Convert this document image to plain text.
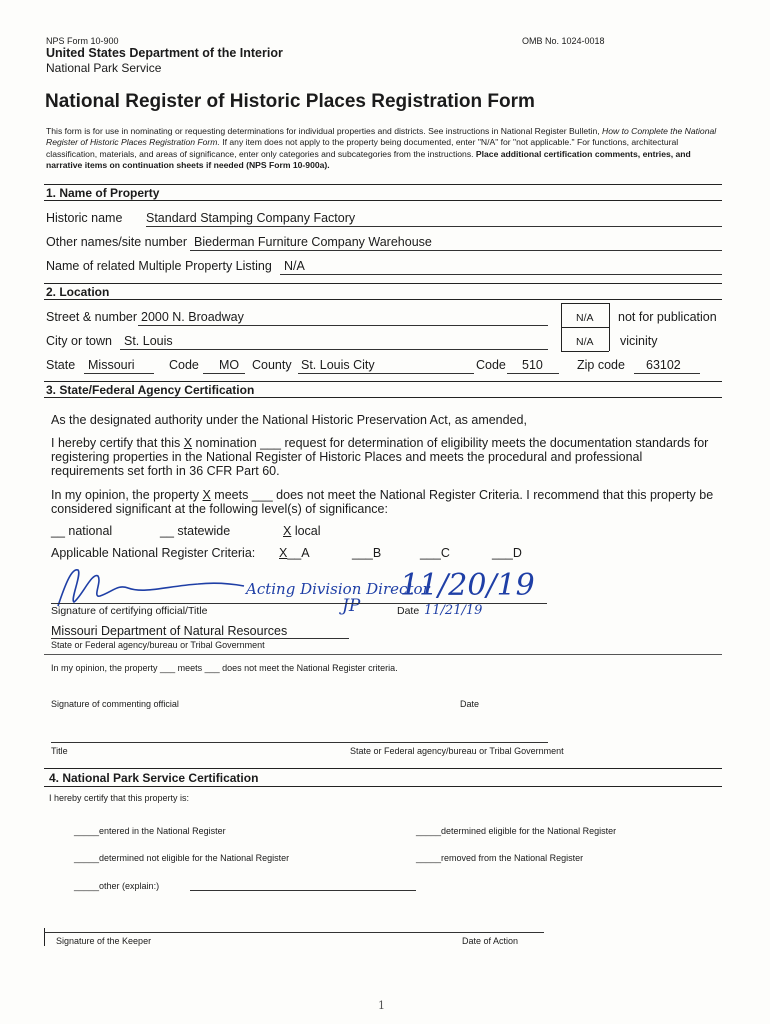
NPS Form 10-900	OMB No. 1024-0018
United States Department of the Interior
National Park Service
National Register of Historic Places Registration Form
This form is for use in nominating or requesting determinations for individual properties and districts. See instructions in National Register Bulletin, How to Complete the National Register of Historic Places Registration Form. If any item does not apply to the property being documented, enter "N/A" for "not applicable." For functions, architectural classification, materials, and areas of significance, enter only categories and subcategories from the instructions. Place additional certification comments, entries, and narrative items on continuation sheets if needed (NPS Form 10-900a).
1. Name of Property
Historic name Standard Stamping Company Factory
Other names/site number Biederman Furniture Company Warehouse
Name of related Multiple Property Listing N/A
2. Location
Street & number 2000 N. Broadway	N/A not for publication
City or town St. Louis	N/A vicinity
State Missouri	Code MO County St. Louis City	Code 510	Zip code 63102
3. State/Federal Agency Certification
As the designated authority under the National Historic Preservation Act, as amended,
I hereby certify that this X nomination ___ request for determination of eligibility meets the documentation standards for registering properties in the National Register of Historic Places and meets the procedural and professional requirements set forth in 36 CFR Part 60.
In my opinion, the property X meets ___ does not meet the National Register Criteria. I recommend that this property be considered significant at the following level(s) of significance:
__ national	__ statewide	X local
Applicable National Register Criteria: X__A	___B	___C	___D
Acting Division Director
11/20/19
JP	11/21/19
Signature of certifying official/Title	Date
Missouri Department of Natural Resources
State or Federal agency/bureau or Tribal Government
In my opinion, the property ___ meets ___ does not meet the National Register criteria.
Signature of commenting official	Date
Title	State or Federal agency/bureau or Tribal Government
4. National Park Service Certification
I hereby certify that this property is:
_____entered in the National Register	_____determined eligible for the National Register
_____determined not eligible for the National Register	_____removed from the National Register
_____other (explain:)
Signature of the Keeper	Date of Action
1
